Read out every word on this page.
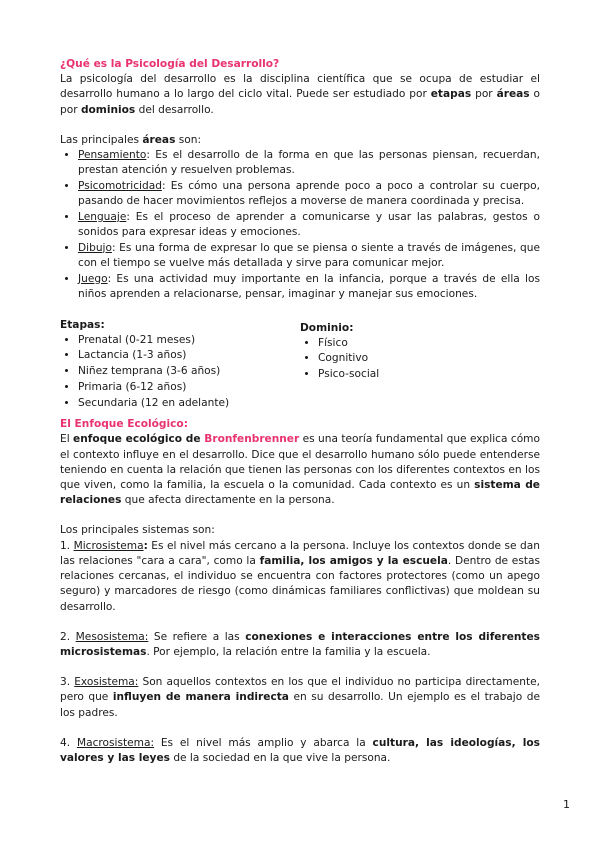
¿Qué es la Psicología del Desarrollo?

La psicología del desarrollo es la disciplina científica que se ocupa de estudiar el desarrollo humano a lo largo del ciclo vital. Puede ser estudiado por etapas por áreas o por dominios del desarrollo.

Las principales áreas son:

• Pensamiento: Es el desarrollo de la forma en que las personas piensan, recuerdan, prestan atención y resuelven problemas.
• Psicomotricidad: Es cómo una persona aprende poco a poco a controlar su cuerpo, pasando de hacer movimientos reflejos a moverse de manera coordinada y precisa.
• Lenguaje: Es el proceso de aprender a comunicarse y usar las palabras, gestos o sonidos para expresar ideas y emociones.
• Dibujo: Es una forma de expresar lo que se piensa o siente a través de imágenes, que con el tiempo se vuelve más detallada y sirve para comunicar mejor.
• Juego: Es una actividad muy importante en la infancia, porque a través de ella los niños aprenden a relacionarse, pensar, imaginar y manejar sus emociones.

Etapas:

• Prenatal (0-21 meses)
• Lactancia (1-3 años)
• Niñez temprana (3-6 años)
• Primaria (6-12 años)
• Secundaria (12 en adelante)

Dominio:

• Físico
• Cognitivo
• Psico-social

El Enfoque Ecológico:

El enfoque ecológico de Bronfenbrenner es una teoría fundamental que explica cómo el contexto influye en el desarrollo. Dice que el desarrollo humano sólo puede entenderse teniendo en cuenta la relación que tienen las personas con los diferentes contextos en los que viven, como la familia, la escuela o la comunidad. Cada contexto es un sistema de relaciones que afecta directamente en la persona.

Los principales sistemas son:

1. Microsistema: Es el nivel más cercano a la persona. Incluye los contextos donde se dan las relaciones "cara a cara", como la familia, los amigos y la escuela. Dentro de estas relaciones cercanas, el individuo se encuentra con factores protectores (como un apego seguro) y marcadores de riesgo (como dinámicas familiares conflictivas) que moldean su desarrollo.

2. Mesosistema: Se refiere a las conexiones e interacciones entre los diferentes microsistemas. Por ejemplo, la relación entre la familia y la escuela.

3. Exosistema: Son aquellos contextos en los que el individuo no participa directamente, pero que influyen de manera indirecta en su desarrollo. Un ejemplo es el trabajo de los padres.

4. Macrosistema: Es el nivel más amplio y abarca la cultura, las ideologías, los valores y las leyes de la sociedad en la que vive la persona.

1
